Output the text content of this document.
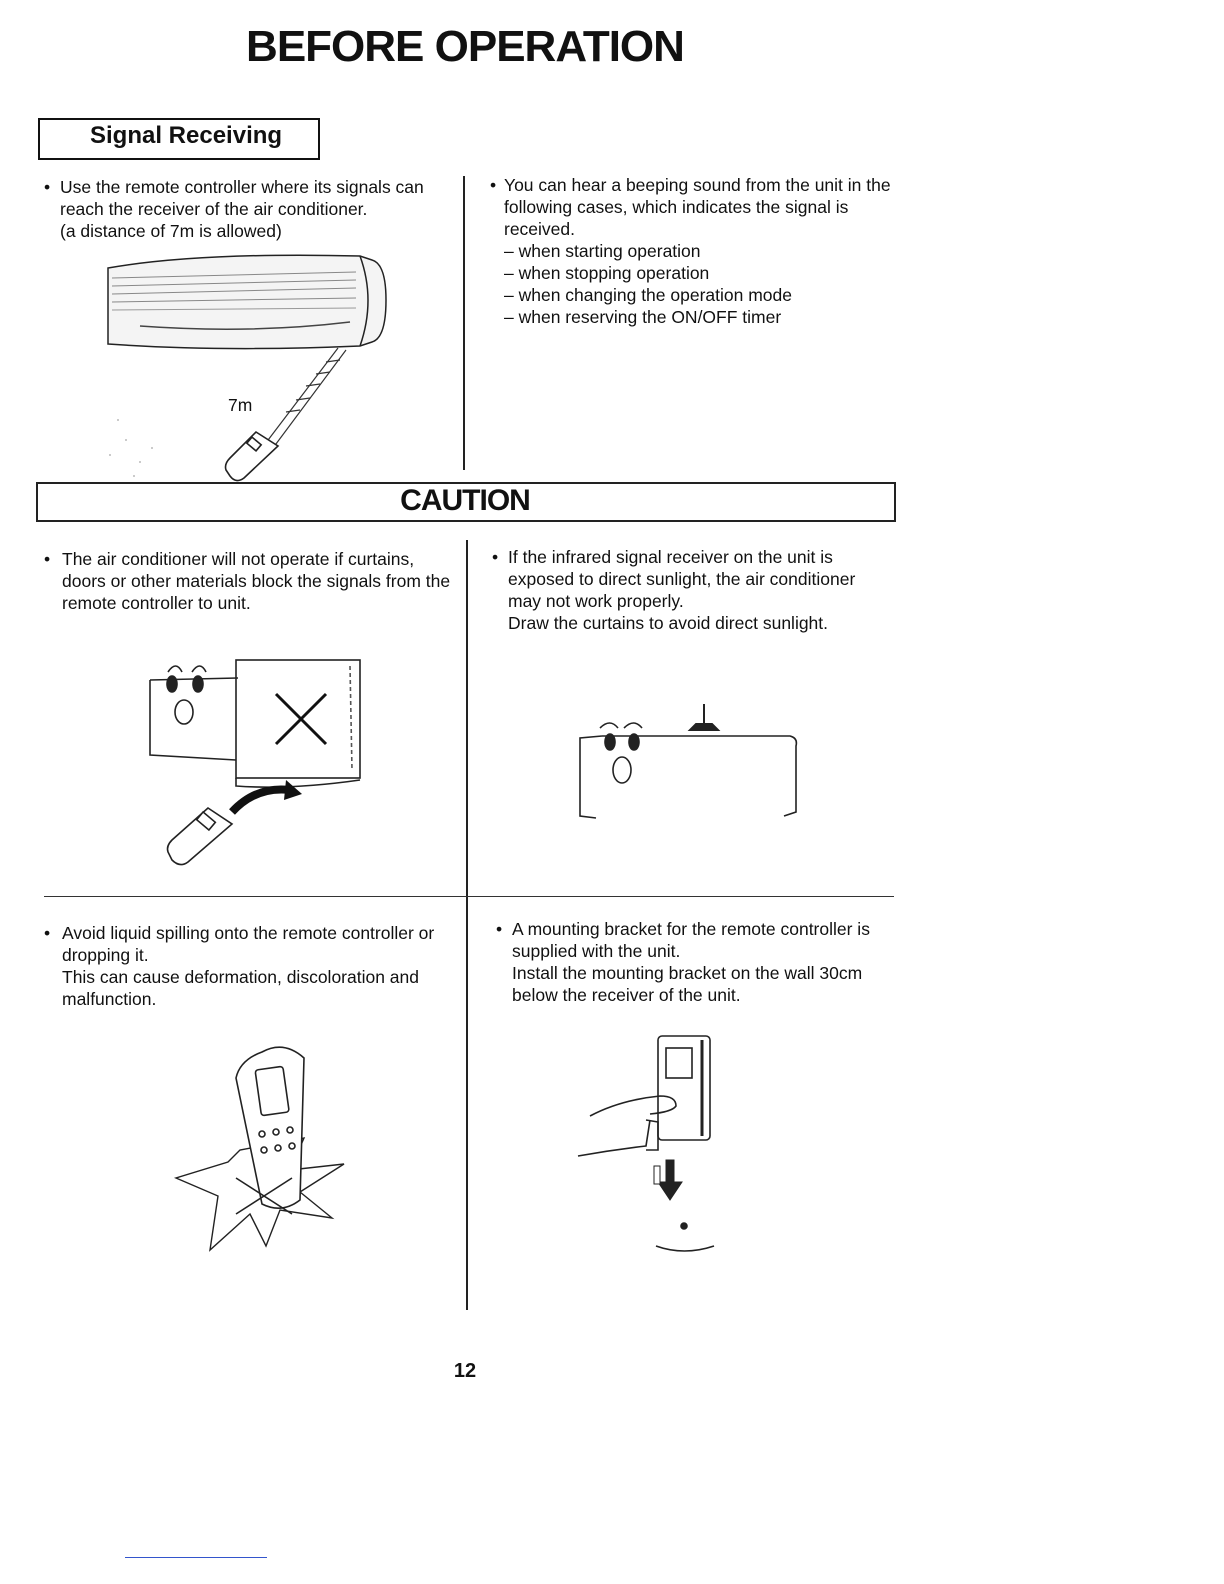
BEFORE OPERATION
Signal Receiving
• Use the remote controller where its signals can
reach the receiver of the air conditioner.
(a distance of 7m is allowed)
7m
• You can hear a beeping sound from the unit in the
following cases, which indicates the signal is
received.
– when starting operation
– when stopping operation
– when changing the operation mode
– when reserving the ON/OFF timer
CAUTION
• The air conditioner will not operate if curtains,
doors or other materials block the signals from the
remote controller to unit.
• If the infrared signal receiver on the unit is
exposed to direct sunlight, the air conditioner
may not work properly.
Draw the curtains to avoid direct sunlight.
• Avoid liquid spilling onto the remote controller or
dropping it.
This can cause deformation, discoloration and
malfunction.
• A mounting bracket for the remote controller is
supplied with the unit.
Install the mounting bracket on the wall 30cm
below the receiver of the unit.
12
